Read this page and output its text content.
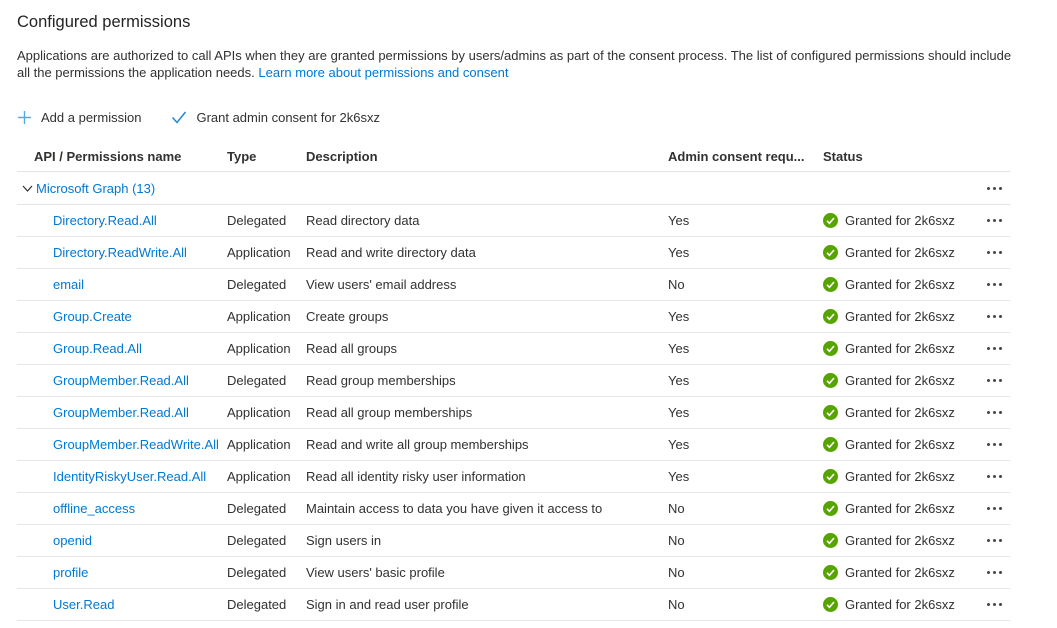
Configured permissions
Applications are authorized to call APIs when they are granted permissions by users/admins as part of the consent process. The list of configured permissions should include all the permissions the application needs. Learn more about permissions and consent
Add a permission	Grant admin consent for 2k6sxz
API / Permissions name	Type	Description	Admin consent requ...	Status
Microsoft Graph (13)
Directory.Read.All	Delegated	Read directory data	Yes	Granted for 2k6sxz
Directory.ReadWrite.All	Application	Read and write directory data	Yes	Granted for 2k6sxz
email	Delegated	View users' email address	No	Granted for 2k6sxz
Group.Create	Application	Create groups	Yes	Granted for 2k6sxz
Group.Read.All	Application	Read all groups	Yes	Granted for 2k6sxz
GroupMember.Read.All	Delegated	Read group memberships	Yes	Granted for 2k6sxz
GroupMember.Read.All	Application	Read all group memberships	Yes	Granted for 2k6sxz
GroupMember.ReadWrite.All Application	Read and write all group memberships	Yes	Granted for 2k6sxz
IdentityRiskyUser.Read.All	Application	Read all identity risky user information	Yes	Granted for 2k6sxz
offline_access	Delegated	Maintain access to data you have given it access to	No	Granted for 2k6sxz
openid	Delegated	Sign users in	No	Granted for 2k6sxz
profile	Delegated	View users' basic profile	No	Granted for 2k6sxz
User.Read	Delegated	Sign in and read user profile	No	Granted for 2k6sxz
